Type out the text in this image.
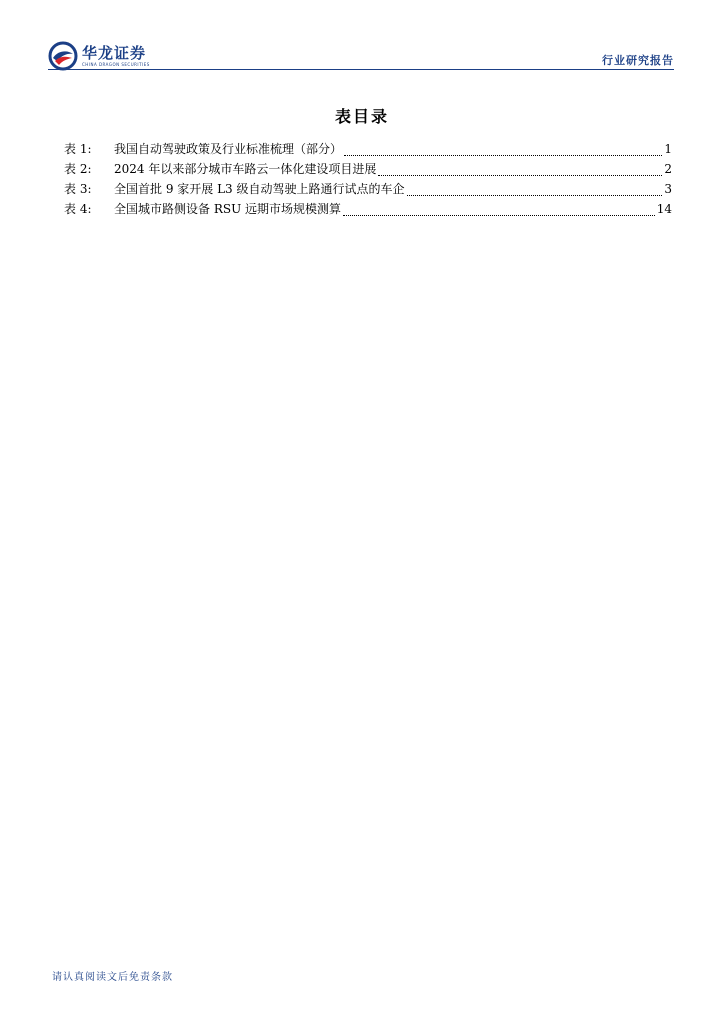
华龙证券
CHINA DRAGON SECURITIES	行业研究报告
表目录
表 1:	我国自动驾驶政策及行业标准梳理（部分）	1
表 2:	2024 年以来部分城市车路云一体化建设项目进展	2
表 3:	全国首批 9 家开展 L3 级自动驾驶上路通行试点的车企	3
表 4:	全国城市路侧设备 RSU 远期市场规模测算	14
请认真阅读文后免责条款
